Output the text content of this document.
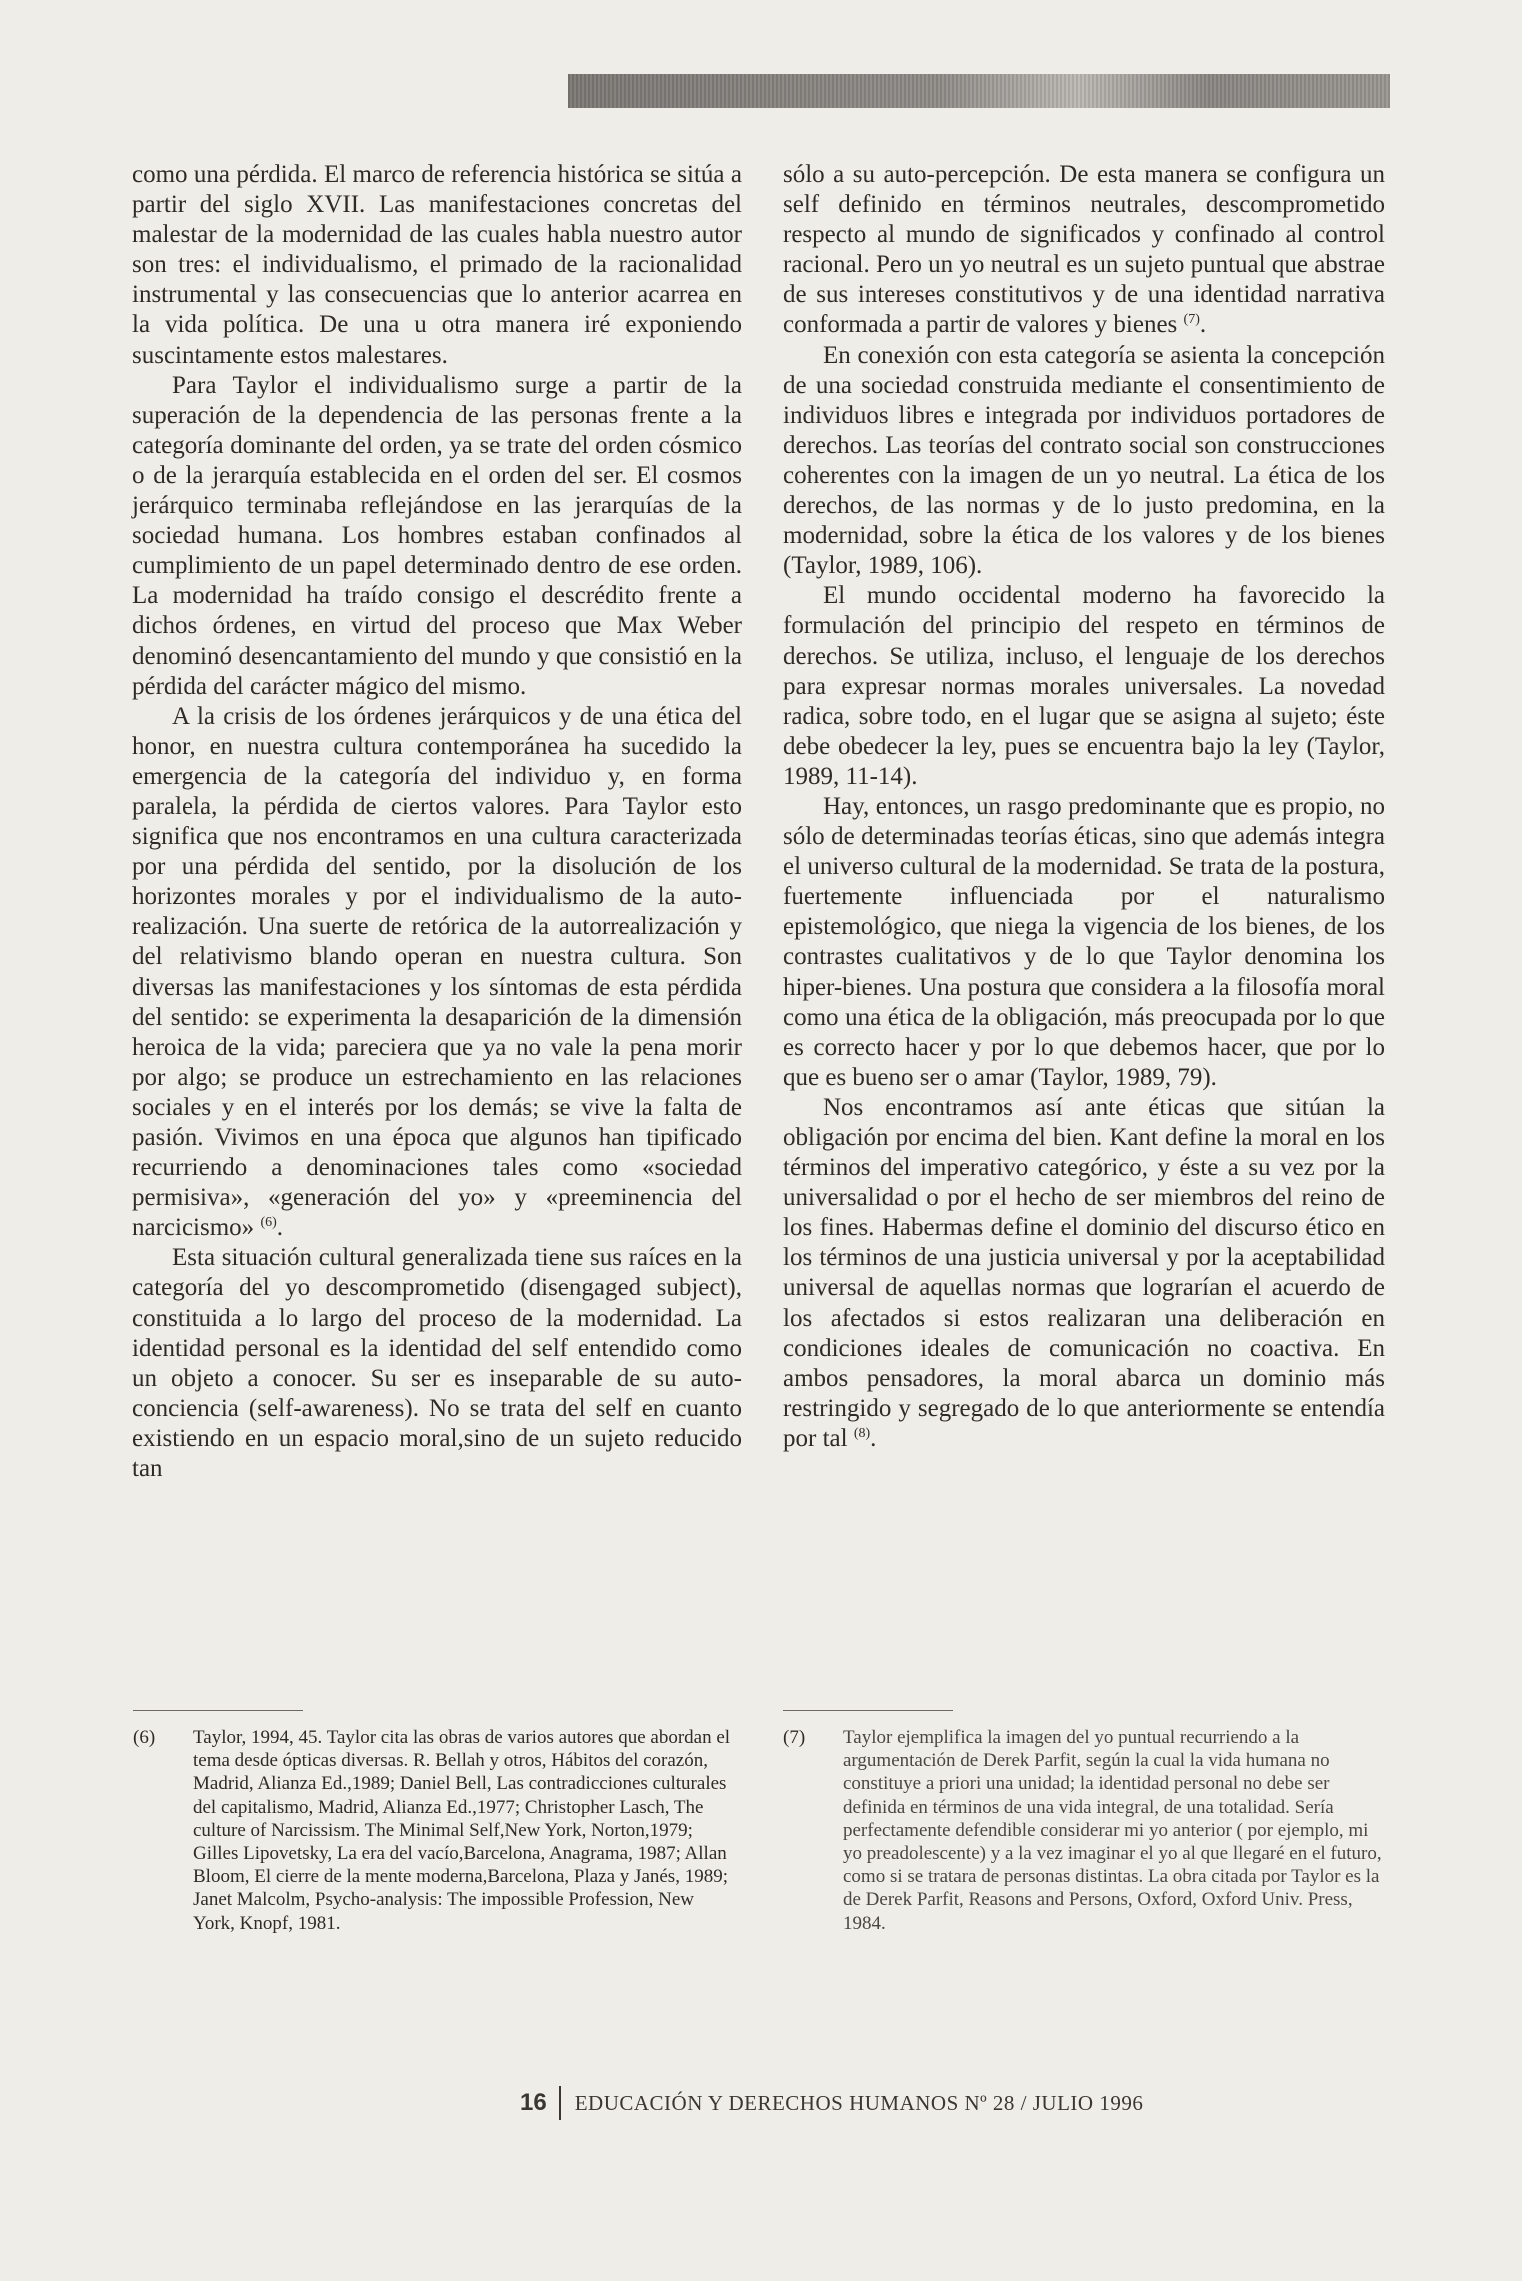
como una pérdida. El marco de referencia histórica se sitúa a partir del siglo XVII. Las manifestaciones concretas del malestar de la modernidad de las cuales habla nuestro autor son tres: el individualismo, el primado de la racionalidad instrumental y las consecuencias que lo anterior acarrea en la vida política. De una u otra manera iré exponiendo suscintamente estos malestares.

Para Taylor el individualismo surge a partir de la superación de la dependencia de las personas frente a la categoría dominante del orden, ya se trate del orden cósmico o de la jerarquía establecida en el orden del ser. El cosmos jerárquico terminaba reflejándose en las jerarquías de la sociedad humana. Los hombres estaban confinados al cumplimiento de un papel determinado dentro de ese orden. La modernidad ha traído consigo el descrédito frente a dichos órdenes, en virtud del proceso que Max Weber denominó desencantamiento del mundo y que consistió en la pérdida del carácter mágico del mismo.

A la crisis de los órdenes jerárquicos y de una ética del honor, en nuestra cultura contemporánea ha sucedido la emergencia de la categoría del individuo y, en forma paralela, la pérdida de ciertos valores. Para Taylor esto significa que nos encontramos en una cultura caracterizada por una pérdida del sentido, por la disolución de los horizontes morales y por el individualismo de la auto-realización. Una suerte de retórica de la autorrealización y del relativismo blando operan en nuestra cultura. Son diversas las manifestaciones y los síntomas de esta pérdida del sentido: se experimenta la desaparición de la dimensión heroica de la vida; pareciera que ya no vale la pena morir por algo; se produce un estrechamiento en las relaciones sociales y en el interés por los demás; se vive la falta de pasión. Vivimos en una época que algunos han tipificado recurriendo a denominaciones tales como «sociedad permisiva», «generación del yo» y «preeminencia del narcicismo» $^{(6)}$.

Esta situación cultural generalizada tiene sus raíces en la categoría del yo descomprometido (disengaged subject), constituida a lo largo del proceso de la modernidad. La identidad personal es la identidad del self entendido como un objeto a conocer. Su ser es inseparable de su auto-conciencia (self-awareness). No se trata del self en cuanto existiendo en un espacio moral,sino de un sujeto reducido tan

sólo a su auto-percepción. De esta manera se configura un self definido en términos neutrales, descomprometido respecto al mundo de significados y confinado al control racional. Pero un yo neutral es un sujeto puntual que abstrae de sus intereses constitutivos y de una identidad narrativa conformada a partir de valores y bienes $^{(7)}$.

En conexión con esta categoría se asienta la concepción de una sociedad construida mediante el consentimiento de individuos libres e integrada por individuos portadores de derechos. Las teorías del contrato social son construcciones coherentes con la imagen de un yo neutral. La ética de los derechos, de las normas y de lo justo predomina, en la modernidad, sobre la ética de los valores y de los bienes (Taylor, 1989, 106).

El mundo occidental moderno ha favorecido la formulación del principio del respeto en términos de derechos. Se utiliza, incluso, el lenguaje de los derechos para expresar normas morales universales. La novedad radica, sobre todo, en el lugar que se asigna al sujeto; éste debe obedecer la ley, pues se encuentra bajo la ley (Taylor, 1989, 11-14).

Hay, entonces, un rasgo predominante que es propio, no sólo de determinadas teorías éticas, sino que además integra el universo cultural de la modernidad. Se trata de la postura, fuertemente influenciada por el naturalismo epistemológico, que niega la vigencia de los bienes, de los contrastes cualitativos y de lo que Taylor denomina los hiper-bienes. Una postura que considera a la filosofía moral como una ética de la obligación, más preocupada por lo que es correcto hacer y por lo que debemos hacer, que por lo que es bueno ser o amar (Taylor, 1989, 79).

Nos encontramos así ante éticas que sitúan la obligación por encima del bien. Kant define la moral en los términos del imperativo categórico, y éste a su vez por la universalidad o por el hecho de ser miembros del reino de los fines. Habermas define el dominio del discurso ético en los términos de una justicia universal y por la aceptabilidad universal de aquellas normas que lograrían el acuerdo de los afectados si estos realizaran una deliberación en condiciones ideales de comunicación no coactiva. En ambos pensadores, la moral abarca un dominio más restringido y segregado de lo que anteriormente se entendía por tal $^{(8)}$.

(6)	Taylor, 1994, 45. Taylor cita las obras de varios autores que abordan el tema desde ópticas diversas. R. Bellah y otros, Hábitos del corazón, Madrid, Alianza Ed.,1989; Daniel Bell, Las contradicciones culturales del capitalismo, Madrid, Alianza Ed.,1977; Christopher Lasch, The culture of Narcissism. The Minimal Self,New York, Norton,1979; Gilles Lipovetsky, La era del vacío,Barcelona, Anagrama, 1987; Allan Bloom, El cierre de la mente moderna,Barcelona, Plaza y Janés, 1989; Janet Malcolm, Psycho-analysis: The impossible Profession, New York, Knopf, 1981.
(7)	Taylor ejemplifica la imagen del yo puntual recurriendo a la argumentación de Derek Parfit, según la cual la vida humana no constituye a priori una unidad; la identidad personal no debe ser definida en términos de una vida integral, de una totalidad. Sería perfectamente defendible considerar mi yo anterior ( por ejemplo, mi yo preadolescente) y a la vez imaginar el yo al que llegaré en el futuro, como si se tratara de personas distintas. La obra citada por Taylor es la de Derek Parfit, Reasons and Persons, Oxford, Oxford Univ. Press, 1984.
16 EDUCACIÓN Y DERECHOS HUMANOS Nº 28 / JULIO 1996
